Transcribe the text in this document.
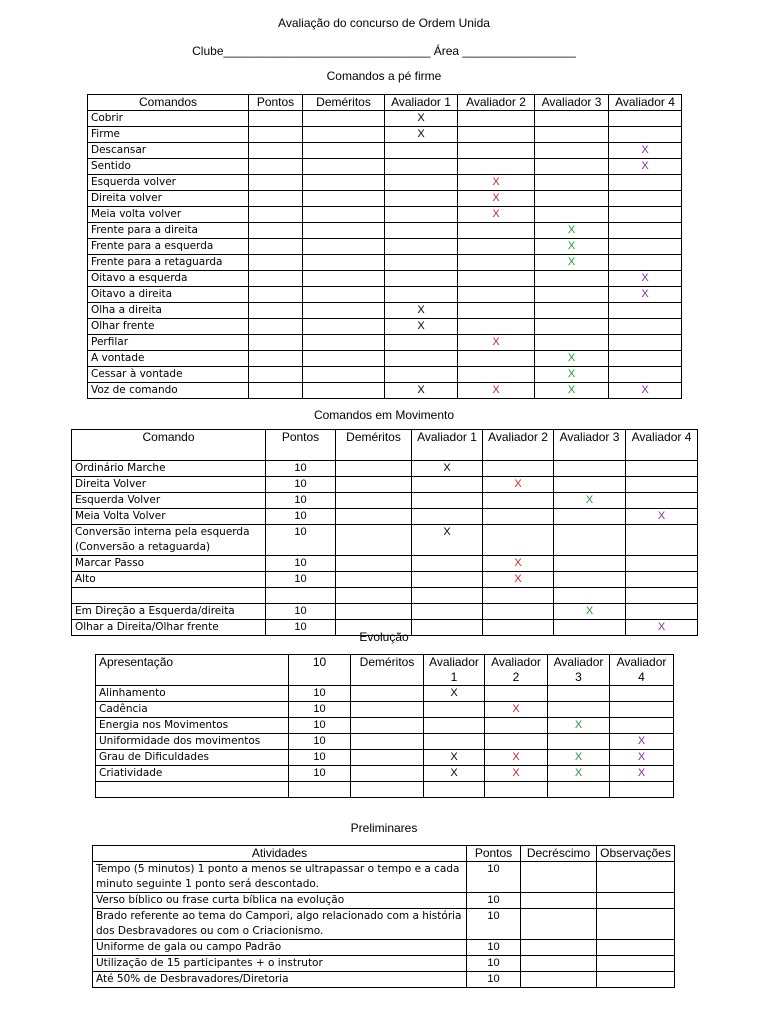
Avaliação do concurso de Ordem Unida
Clube_______________________________ Área _________________
Comandos a pé firme
Comandos	Pontos	Deméritos	Avaliador 1	Avaliador 2	Avaliador 3	Avaliador 4
Cobrir			X			
Firme			X			
Descansar						X
Sentido						X
Esquerda volver				X		
Direita volver				X		
Meia volta volver				X		
Frente para a direita					X	
Frente para a esquerda					X	
Frente para a retaguarda					X	
Oitavo a esquerda						X
Oitavo a direita						X
Olha a direita			X			
Olhar frente			X			
Perfilar				X		
A vontade					X	
Cessar à vontade					X	
Voz de comando			X	X	X	X
Comandos em Movimento
Comando	Pontos	Deméritos	Avaliador 1	Avaliador 2	Avaliador 3	Avaliador 4
Ordinário Marche	10		X			
Direita Volver	10			X		
Esquerda Volver	10				X	
Meia Volta Volver	10					X
Conversão interna pela esquerda (Conversão a retaguarda)	10		X			
Marcar Passo	10			X		
Alto	10			X		

Em Direção a Esquerda/direita	10				X	
Olhar a Direita/Olhar frente	10					X
Evolução
Apresentação	10	Deméritos	Avaliador 1	Avaliador 2	Avaliador 3	Avaliador 4
Alinhamento	10		X			
Cadência	10			X		
Energia nos Movimentos	10				X	
Uniformidade dos movimentos	10					X
Grau de Dificuldades	10		X	X	X	X
Criatividade	10		X	X	X	X

Preliminares
Atividades	Pontos	Decréscimo	Observações
Tempo (5 minutos) 1 ponto a menos se ultrapassar o tempo e a cada minuto seguinte 1 ponto será descontado.	10		
Verso bíblico ou frase curta bíblica na evolução	10		
Brado referente ao tema do Campori, algo relacionado com a história dos Desbravadores ou com o Criacionismo.	10		
Uniforme de gala ou campo Padrão	10		
Utilização de 15 participantes + o instrutor	10		
Até 50% de Desbravadores/Diretoria	10		
